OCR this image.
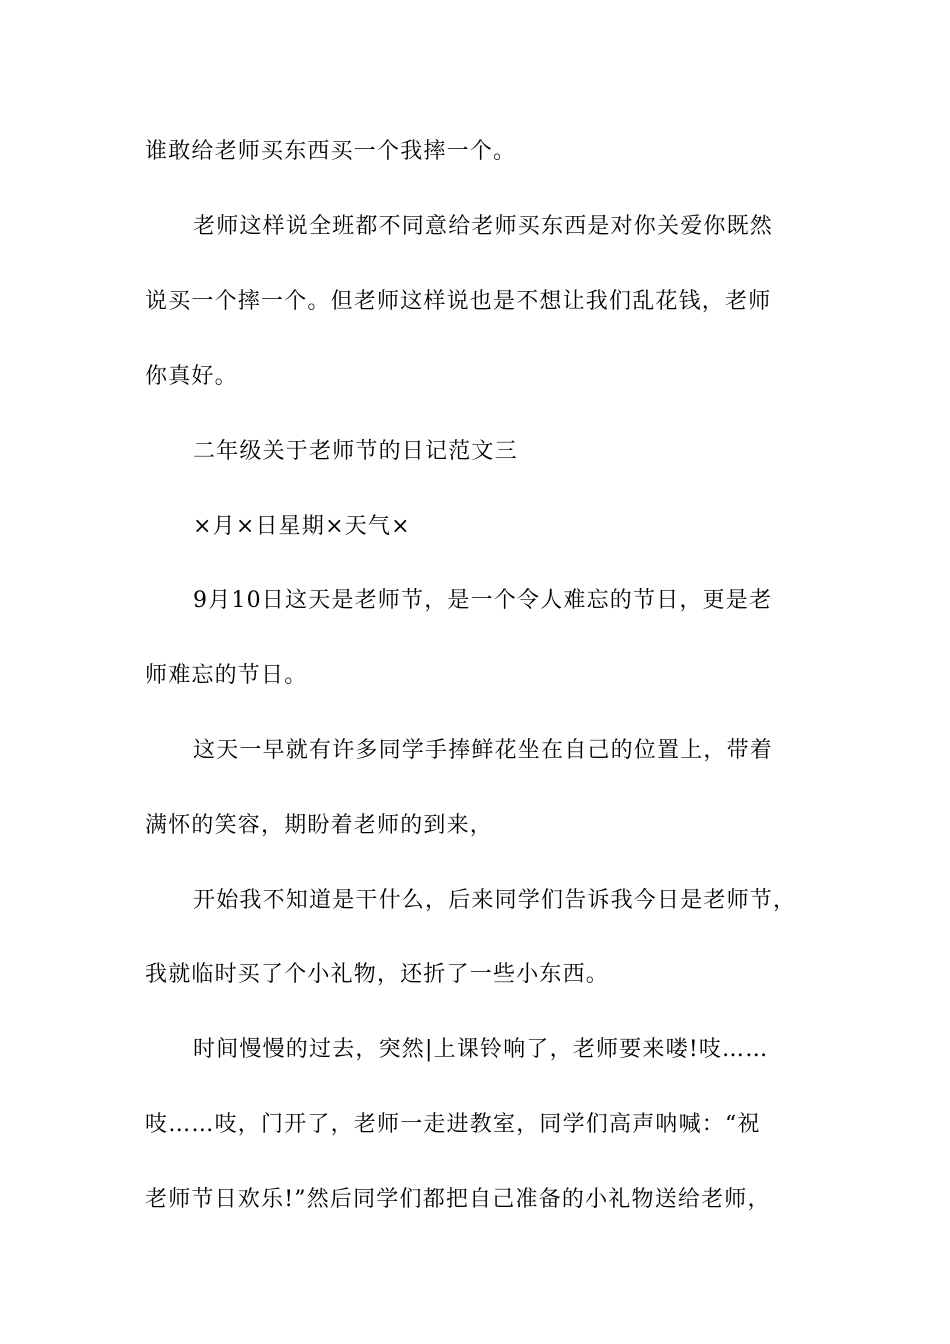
谁敢给老师买东西买一个我摔一个。
老师这样说全班都不同意给老师买东西是对你关爱你既然
说买一个摔一个。但老师这样说也是不想让我们乱花钱，老师
你真好。
二年级关于老师节的日记范文三
×月×日星期×天气×
9月10日这天是老师节，是一个令人难忘的节日，更是老
师难忘的节日。
这天一早就有许多同学手捧鲜花坐在自己的位置上，带着
满怀的笑容，期盼着老师的到来，
开始我不知道是干什么，后来同学们告诉我今日是老师节，
我就临时买了个小礼物，还折了一些小东西。
时间慢慢的过去，突然|上课铃响了，老师要来喽!吱……
吱……吱，门开了，老师一走进教室，同学们高声呐喊：“祝
老师节日欢乐!”然后同学们都把自己准备的小礼物送给老师，
